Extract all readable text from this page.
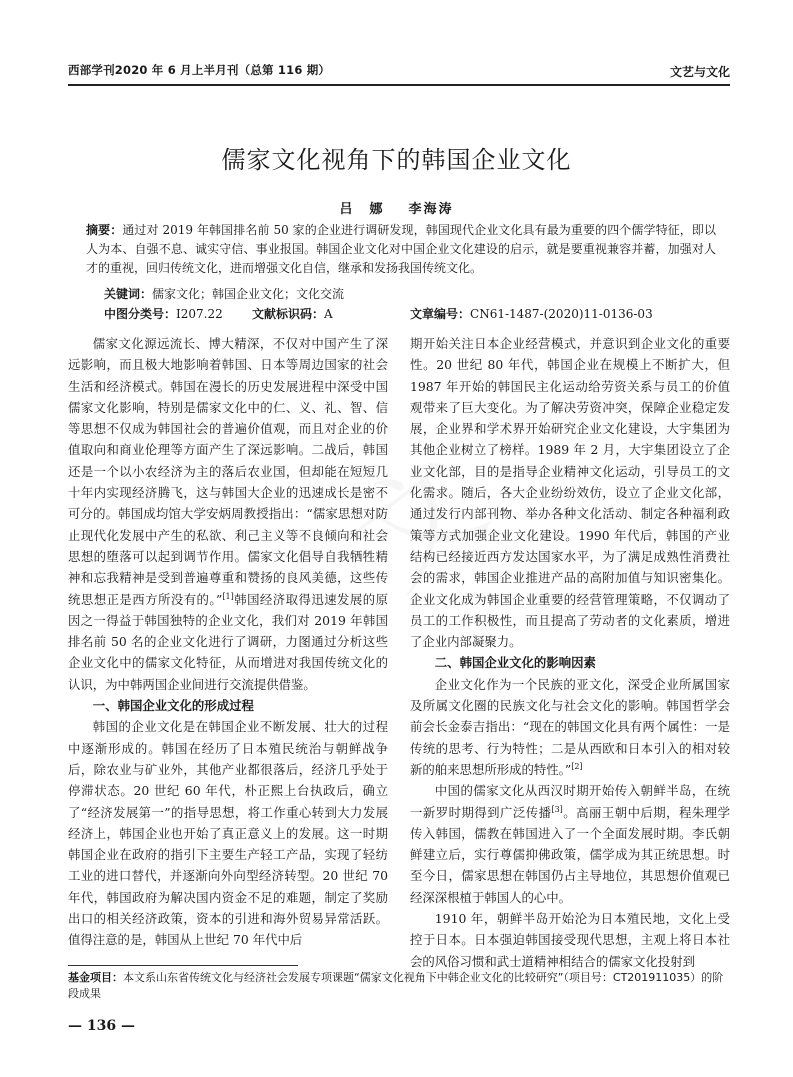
西部学刊2020 年 6 月上半月刊（总第 116 期）	文艺与文化
儒家文化视角下的韩国企业文化
吕　娜 李海涛
摘要：通过对 2019 年韩国排名前 50 家的企业进行调研发现，韩国现代企业文化具有最为重要的四个儒学特征，即以人为本、自强不息、诚实守信、事业报国。韩国企业文化对中国企业文化建设的启示，就是要重视兼容并蓄，加强对人才的重视，回归传统文化，进而增强文化自信，继承和发扬我国传统文化。
关键词：儒家文化；韩国企业文化；文化交流
中图分类号：I207.22 文献标识码：A	文章编号：CN61-1487-(2020)11-0136-03

儒家文化源远流长、博大精深，不仅对中国产生了深远影响，而且极大地影响着韩国、日本等周边国家的社会生活和经济模式。韩国在漫长的历史发展进程中深受中国儒家文化影响，特别是儒家文化中的仁、义、礼、智、信等思想不仅成为韩国社会的普遍价值观，而且对企业的价值取向和商业伦理等方面产生了深远影响。二战后，韩国还是一个以小农经济为主的落后农业国，但却能在短短几十年内实现经济腾飞，这与韩国大企业的迅速成长是密不可分的。韩国成均馆大学安炳周教授指出：“儒家思想对防止现代化发展中产生的私欲、利己主义等不良倾向和社会思想的堕落可以起到调节作用。儒家文化倡导自我牺牲精神和忘我精神是受到普遍尊重和赞扬的良风美德，这些传统思想正是西方所没有的。”[1]韩国经济取得迅速发展的原因之一得益于韩国独特的企业文化，我们对 2019 年韩国排名前 50 名的企业文化进行了调研，力图通过分析这些企业文化中的儒家文化特征，从而增进对我国传统文化的认识，为中韩两国企业间进行交流提供借鉴。

一、韩国企业文化的形成过程

韩国的企业文化是在韩国企业不断发展、壮大的过程中逐渐形成的。韩国在经历了日本殖民统治与朝鲜战争后，除农业与矿业外，其他产业都很落后，经济几乎处于停滞状态。20 世纪 60 年代，朴正熙上台执政后，确立了“经济发展第一”的指导思想，将工作重心转到大力发展经济上，韩国企业也开始了真正意义上的发展。这一时期韩国企业在政府的指引下主要生产轻工产品，实现了轻纺工业的进口替代，并逐渐向外向型经济转型。20 世纪 70 年代，韩国政府为解决国内资金不足的难题，制定了奖励出口的相关经济政策，资本的引进和海外贸易异常活跃。值得注意的是，韩国从上世纪 70 年代中后

期开始关注日本企业经营模式，并意识到企业文化的重要性。20 世纪 80 年代，韩国企业在规模上不断扩大，但 1987 年开始的韩国民主化运动给劳资关系与员工的价值观带来了巨大变化。为了解决劳资冲突，保障企业稳定发展，企业界和学术界开始研究企业文化建设，大宇集团为其他企业树立了榜样。1989 年 2 月，大宇集团设立了企业文化部，目的是指导企业精神文化运动，引导员工的文化需求。随后，各大企业纷纷效仿，设立了企业文化部，通过发行内部刊物、举办各种文化活动、制定各种福利政策等方式加强企业文化建设。1990 年代后，韩国的产业结构已经接近西方发达国家水平，为了满足成熟性消费社会的需求，韩国企业推进产品的高附加值与知识密集化。企业文化成为韩国企业重要的经营管理策略，不仅调动了员工的工作积极性，而且提高了劳动者的文化素质，增进了企业内部凝聚力。

二、韩国企业文化的影响因素

企业文化作为一个民族的亚文化，深受企业所属国家及所属文化圈的民族文化与社会文化的影响。韩国哲学会前会长金泰吉指出：“现在的韩国文化具有两个属性：一是传统的思考、行为特性；二是从西欧和日本引入的相对较新的舶来思想所形成的特性。”[2]

中国的儒家文化从西汉时期开始传入朝鲜半岛，在统一新罗时期得到广泛传播[3]。高丽王朝中后期，程朱理学传入韩国，儒教在韩国进入了一个全面发展时期。李氏朝鲜建立后，实行尊儒抑佛政策，儒学成为其正统思想。时至今日，儒家思想在韩国仍占主导地位，其思想价值观已经深深根植于韩国人的心中。

1910 年，朝鲜半岛开始沦为日本殖民地，文化上受控于日本。日本强迫韩国接受现代思想，主观上将日本社会的风俗习惯和武士道精神相结合的儒家文化投射到

基金项目：本文系山东省传统文化与经济社会发展专项课题“儒家文化视角下中韩企业文化的比较研究”（项目号：CT201911035）的阶段成果
— 136 —
